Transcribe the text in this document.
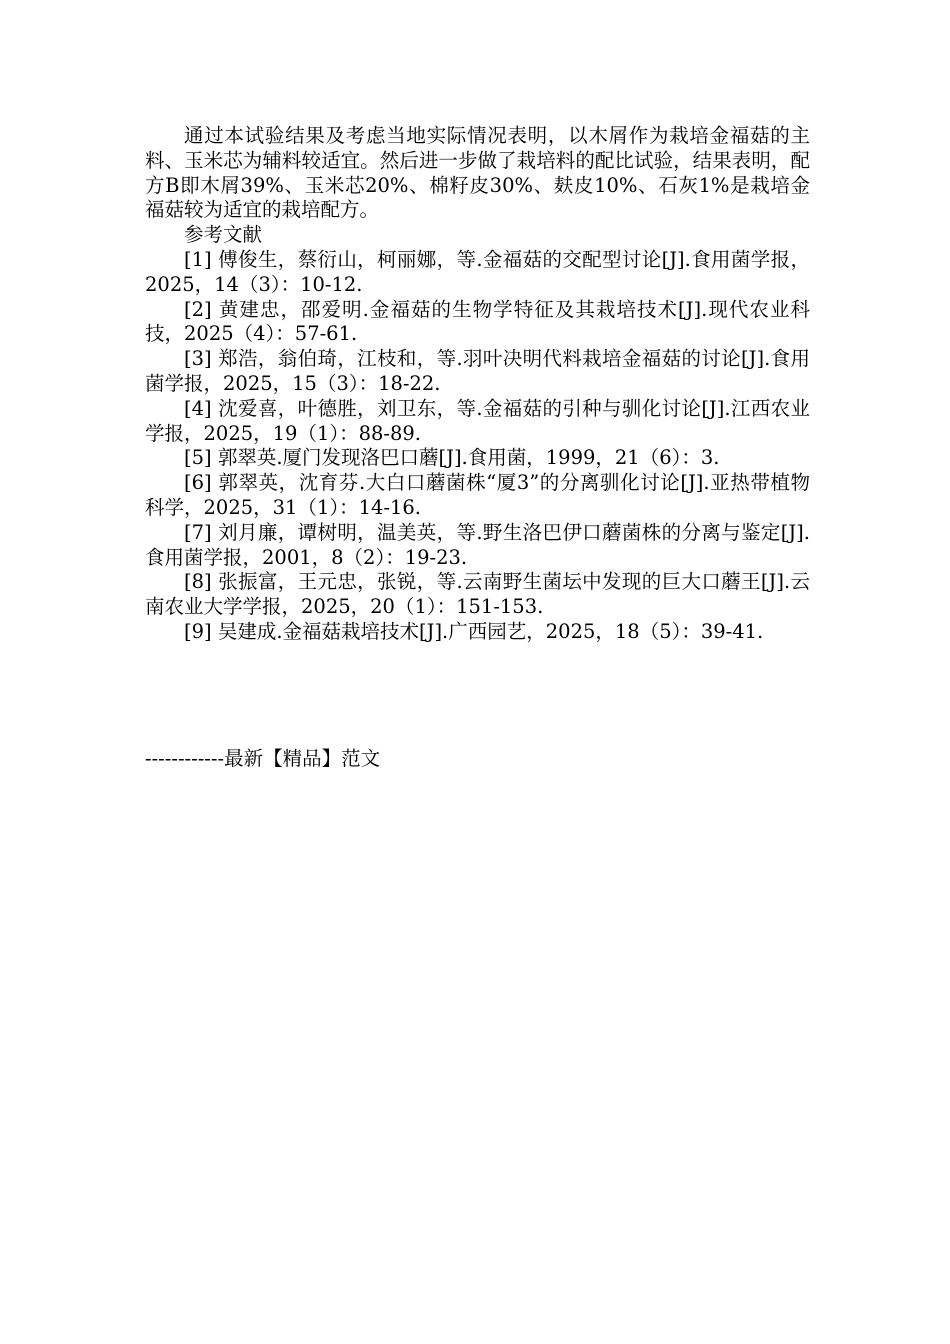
通过本试验结果及考虑当地实际情况表明，以木屑作为栽培金福菇的主料、玉米芯为辅料较适宜。然后进一步做了栽培料的配比试验，结果表明，配方B即木屑39%、玉米芯20%、棉籽皮30%、麸皮10%、石灰1%是栽培金福菇较为适宜的栽培配方。

参考文献

[1] 傅俊生，蔡衍山，柯丽娜，等.金福菇的交配型讨论[J].食用菌学报，2025，14（3）：10-12.
[2] 黄建忠，邵爱明.金福菇的生物学特征及其栽培技术[J].现代农业科技，2025（4）：57-61.
[3] 郑浩，翁伯琦，江枝和，等.羽叶决明代料栽培金福菇的讨论[J].食用菌学报，2025，15（3）：18-22.
[4] 沈爱喜，叶德胜，刘卫东，等.金福菇的引种与驯化讨论[J].江西农业学报，2025，19（1）：88-89.
[5] 郭翠英.厦门发现洛巴口蘑[J].食用菌，1999，21（6）：3.
[6] 郭翠英，沈育芬.大白口蘑菌株“厦3”的分离驯化讨论[J].亚热带植物科学，2025，31（1）：14-16.
[7] 刘月廉，谭树明，温美英，等.野生洛巴伊口蘑菌株的分离与鉴定[J].食用菌学报，2001，8（2）：19-23.
[8] 张振富，王元忠，张锐，等.云南野生菌坛中发现的巨大口蘑王[J].云南农业大学学报，2025，20（1）：151-153.
[9] 吴建成.金福菇栽培技术[J].广西园艺，2025，18（5）：39-41.
------------最新【精品】范文
